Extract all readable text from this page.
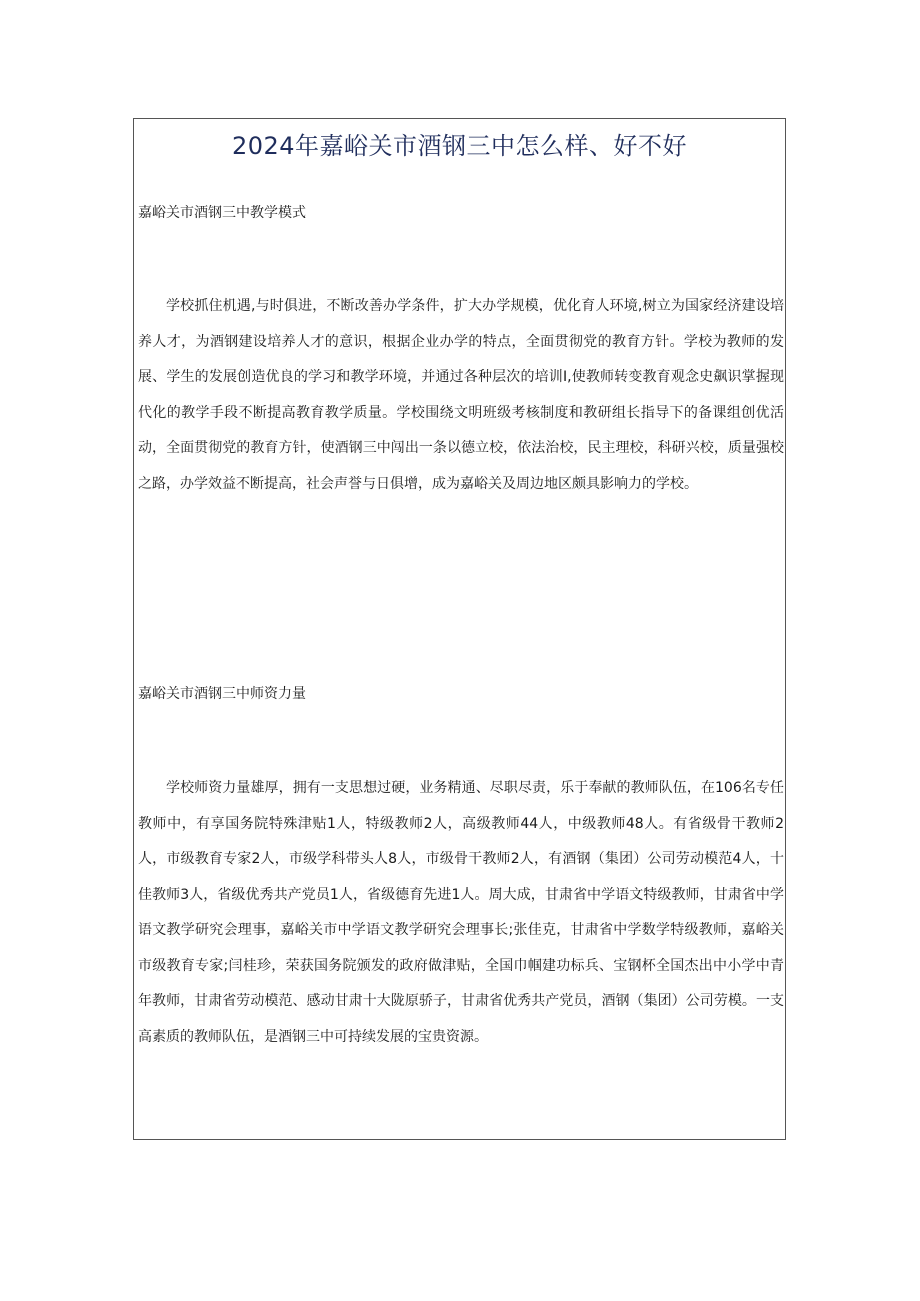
2024年嘉峪关市酒钢三中怎么样、好不好
嘉峪关市酒钢三中教学模式

学校抓住机遇,与时俱进，不断改善办学条件，扩大办学规模，优化育人环境,树立为国家经济建设培养人才，为酒钢建设培养人才的意识，根据企业办学的特点，全面贯彻党的教育方针。学校为教师的发展、学生的发展创造优良的学习和教学环境，并通过各种层次的培训I,使教师转变教育观念史飙识掌握现代化的教学手段不断提高教育教学质量。学校围绕文明班级考核制度和教研组长指导下的备课组创优活动，全面贯彻党的教育方针，使酒钢三中闯出一条以德立校，依法治校，民主理校，科研兴校，质量强校之路，办学效益不断提高，社会声誉与日俱增，成为嘉峪关及周边地区颇具影响力的学校。

嘉峪关市酒钢三中师资力量

学校师资力量雄厚，拥有一支思想过硬，业务精通、尽职尽责，乐于奉献的教师队伍，在106名专任教师中，有享国务院特殊津贴1人，特级教师2人，高级教师44人，中级教师48人。有省级骨干教师2人，市级教育专家2人，市级学科带头人8人，市级骨干教师2人，有酒钢（集团）公司劳动模范4人，十佳教师3人，省级优秀共产党员1人，省级德育先进1人。周大成，甘肃省中学语文特级教师，甘肃省中学语文教学研究会理事，嘉峪关市中学语文教学研究会理事长;张佳克，甘肃省中学数学特级教师，嘉峪关市级教育专家;闫桂珍，荣获国务院颁发的政府做津贴，全国巾帼建功标兵、宝钢杯全国杰出中小学中青年教师，甘肃省劳动模范、感动甘肃十大陇原骄子，甘肃省优秀共产党员，酒钢（集团）公司劳模。一支高素质的教师队伍，是酒钢三中可持续发展的宝贵资源。
